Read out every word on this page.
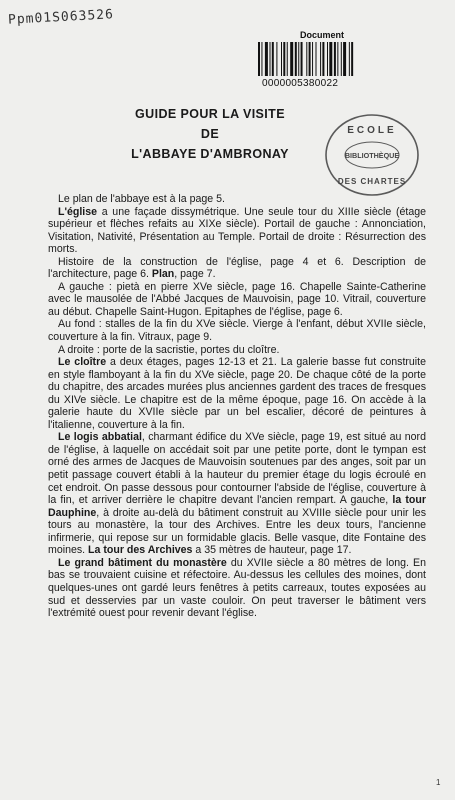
Ppm01S063526
Document
0000005380022
GUIDE POUR LA VISITE
DE
L'ABBAYE D'AMBRONAY
ECOLE
BIBLIOTHÈQUE
DES CHARTES

Le plan de l'abbaye est à la page 5.

L'église a une façade dissymétrique. Une seule tour du XIIIe siècle (étage supérieur et flèches refaits au XIXe siècle). Portail de gauche : Annonciation, Visitation, Nativité, Présentation au Temple. Portail de droite : Résurrection des morts.

Histoire de la construction de l'église, page 4 et 6. Description de l'architecture, page 6. Plan, page 7.

A gauche : pietà en pierre XVe siècle, page 16. Chapelle Sainte-Catherine avec le mausolée de l'Abbé Jacques de Mauvoisin, page 10. Vitrail, couverture au début. Chapelle Saint-Hugon. Epitaphes de l'église, page 6.

Au fond : stalles de la fin du XVe siècle. Vierge à l'enfant, début XVIIe siècle, couverture à la fin. Vitraux, page 9.

A droite : porte de la sacristie, portes du cloître.

Le cloître a deux étages, pages 12-13 et 21. La galerie basse fut construite en style flamboyant à la fin du XVe siècle, page 20. De chaque côté de la porte du chapitre, des arcades murées plus anciennes gardent des traces de fresques du XIVe siècle. Le chapitre est de la même époque, page 16. On accède à la galerie haute du XVIIe siècle par un bel escalier, décoré de peintures à l'italienne, couverture à la fin.

Le logis abbatial, charmant édifice du XVe siècle, page 19, est situé au nord de l'église, à laquelle on accédait soit par une petite porte, dont le tympan est orné des armes de Jacques de Mauvoisin soutenues par des anges, soit par un petit passage couvert établi à la hauteur du premier étage du logis écroulé en cet endroit. On passe dessous pour contourner l'abside de l'église, couverture à la fin, et arriver derrière le chapitre devant l'ancien rempart. A gauche, la tour Dauphine, à droite au-delà du bâtiment construit au XVIIIe siècle pour unir les tours au monastère, la tour des Archives. Entre les deux tours, l'ancienne infirmerie, qui repose sur un formidable glacis. Belle vasque, dite Fontaine des moines. La tour des Archives a 35 mètres de hauteur, page 17.

Le grand bâtiment du monastère du XVIIe siècle a 80 mètres de long. En bas se trouvaient cuisine et réfectoire. Au-dessus les cellules des moines, dont quelques-unes ont gardé leurs fenêtres à petits carreaux, toutes exposées au sud et desservies par un vaste couloir. On peut traverser le bâtiment vers l'extrémité ouest pour revenir devant l'église.

1
